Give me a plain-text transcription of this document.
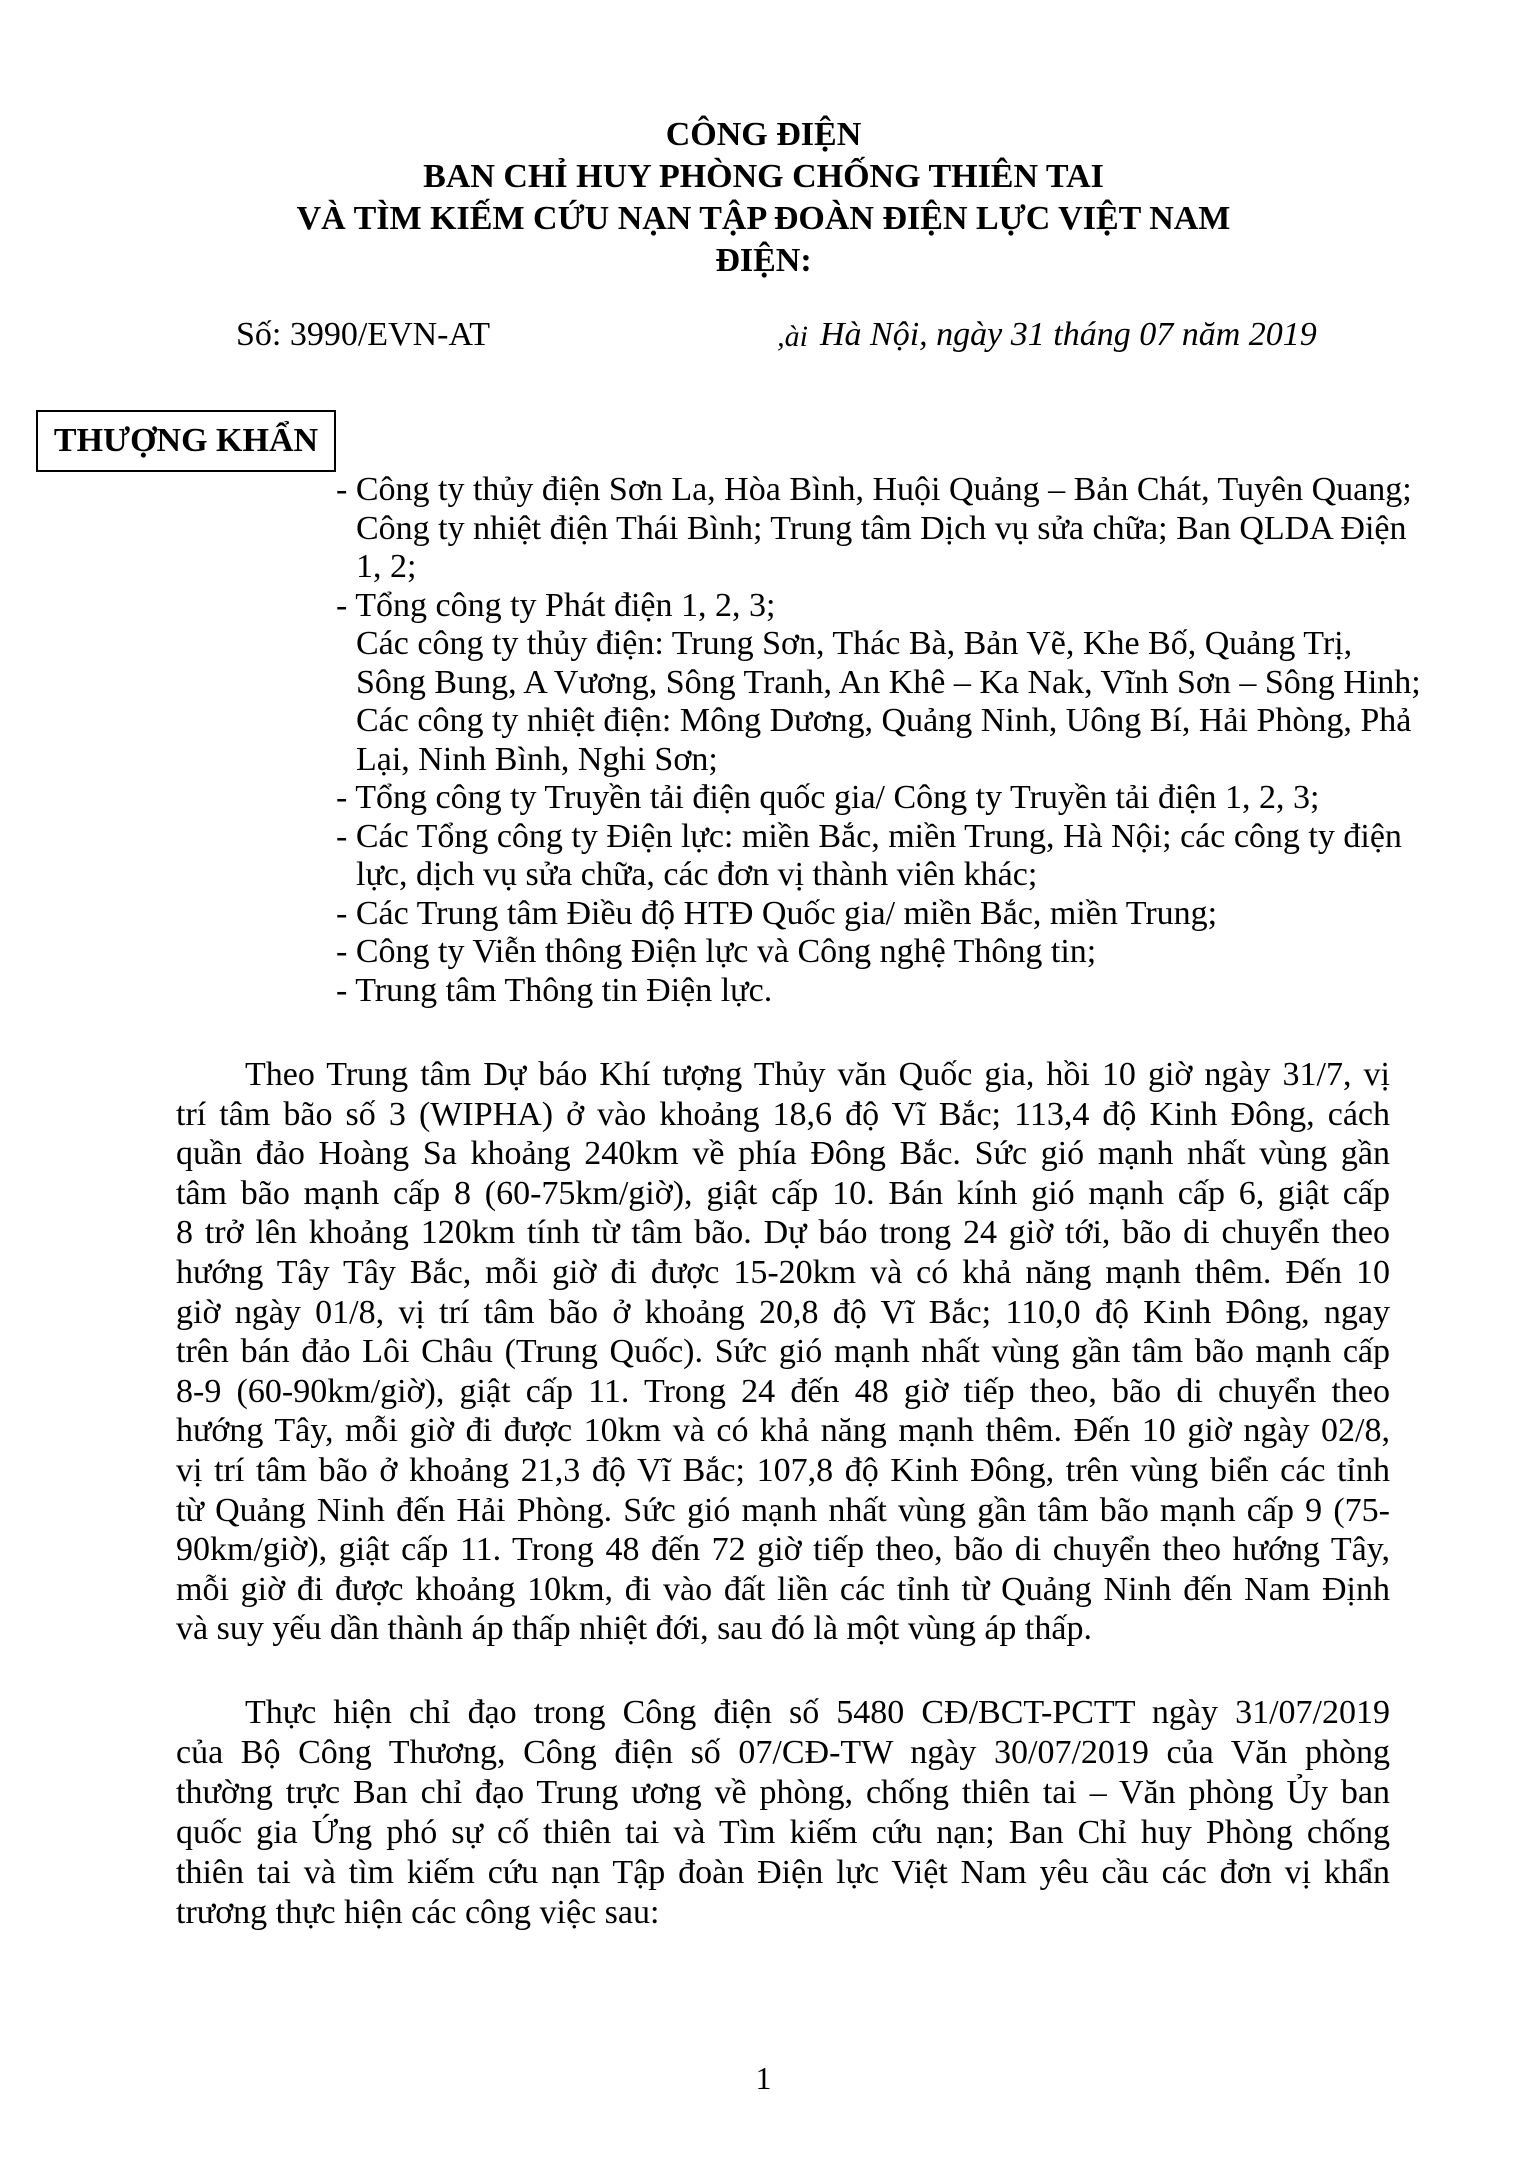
CÔNG ĐIỆN
BAN CHỈ HUY PHÒNG CHỐNG THIÊN TAI
VÀ TÌM KIẾM CỨU NẠN TẬP ĐOÀN ĐIỆN LỰC VIỆT NAM
ĐIỆN:
Số: 3990/EVN-AT	ài, Hà Nội, ngày 31 tháng 07 năm 2019
THƯỢNG KHẨN
- Công ty thủy điện Sơn La, Hòa Bình, Huội Quảng – Bản Chát, Tuyên Quang;
Công ty nhiệt điện Thái Bình; Trung tâm Dịch vụ sửa chữa; Ban QLDA Điện
1, 2;
- Tổng công ty Phát điện 1, 2, 3;
Các công ty thủy điện: Trung Sơn, Thác Bà, Bản Vẽ, Khe Bố, Quảng Trị,
Sông Bung, A Vương, Sông Tranh, An Khê – Ka Nak, Vĩnh Sơn – Sông Hinh;
Các công ty nhiệt điện: Mông Dương, Quảng Ninh, Uông Bí, Hải Phòng, Phả
Lại, Ninh Bình, Nghi Sơn;
- Tổng công ty Truyền tải điện quốc gia/ Công ty Truyền tải điện 1, 2, 3;
- Các Tổng công ty Điện lực: miền Bắc, miền Trung, Hà Nội; các công ty điện
lực, dịch vụ sửa chữa, các đơn vị thành viên khác;
- Các Trung tâm Điều độ HTĐ Quốc gia/ miền Bắc, miền Trung;
- Công ty Viễn thông Điện lực và Công nghệ Thông tin;
- Trung tâm Thông tin Điện lực.
Theo Trung tâm Dự báo Khí tượng Thủy văn Quốc gia, hồi 10 giờ ngày 31/7, vị
trí tâm bão số 3 (WIPHA) ở vào khoảng 18,6 độ Vĩ Bắc; 113,4 độ Kinh Đông, cách
quần đảo Hoàng Sa khoảng 240km về phía Đông Bắc. Sức gió mạnh nhất vùng gần
tâm bão mạnh cấp 8 (60-75km/giờ), giật cấp 10. Bán kính gió mạnh cấp 6, giật cấp
8 trở lên khoảng 120km tính từ tâm bão. Dự báo trong 24 giờ tới, bão di chuyển theo
hướng Tây Tây Bắc, mỗi giờ đi được 15-20km và có khả năng mạnh thêm. Đến 10
giờ ngày 01/8, vị trí tâm bão ở khoảng 20,8 độ Vĩ Bắc; 110,0 độ Kinh Đông, ngay
trên bán đảo Lôi Châu (Trung Quốc). Sức gió mạnh nhất vùng gần tâm bão mạnh cấp
8-9 (60-90km/giờ), giật cấp 11. Trong 24 đến 48 giờ tiếp theo, bão di chuyển theo
hướng Tây, mỗi giờ đi được 10km và có khả năng mạnh thêm. Đến 10 giờ ngày 02/8,
vị trí tâm bão ở khoảng 21,3 độ Vĩ Bắc; 107,8 độ Kinh Đông, trên vùng biển các tỉnh
từ Quảng Ninh đến Hải Phòng. Sức gió mạnh nhất vùng gần tâm bão mạnh cấp 9 (75-
90km/giờ), giật cấp 11. Trong 48 đến 72 giờ tiếp theo, bão di chuyển theo hướng Tây,
mỗi giờ đi được khoảng 10km, đi vào đất liền các tỉnh từ Quảng Ninh đến Nam Định
và suy yếu dần thành áp thấp nhiệt đới, sau đó là một vùng áp thấp.
Thực hiện chỉ đạo trong Công điện số 5480 CĐ/BCT-PCTT ngày 31/07/2019
của Bộ Công Thương, Công điện số 07/CĐ-TW ngày 30/07/2019 của Văn phòng
thường trực Ban chỉ đạo Trung ương về phòng, chống thiên tai – Văn phòng Ủy ban
quốc gia Ứng phó sự cố thiên tai và Tìm kiếm cứu nạn; Ban Chỉ huy Phòng chống
thiên tai và tìm kiếm cứu nạn Tập đoàn Điện lực Việt Nam yêu cầu các đơn vị khẩn
trương thực hiện các công việc sau:
1
